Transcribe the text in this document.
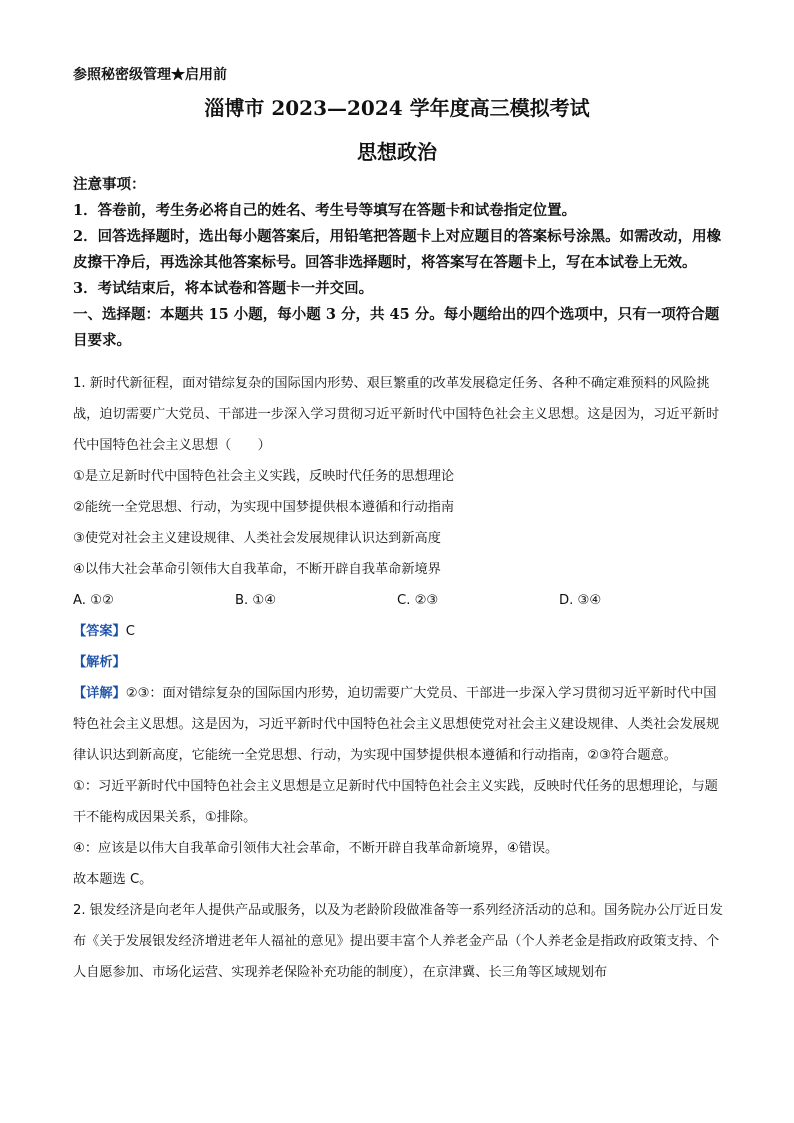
参照秘密级管理★启用前
淄博市 2023—2024 学年度高三模拟考试
思想政治

注意事项：

1．答卷前，考生务必将自己的姓名、考生号等填写在答题卡和试卷指定位置。

2．回答选择题时，选出每小题答案后，用铅笔把答题卡上对应题目的答案标号涂黑。如需改动，用橡皮擦干净后，再选涂其他答案标号。回答非选择题时，将答案写在答题卡上，写在本试卷上无效。

3．考试结束后，将本试卷和答题卡一并交回。

一、选择题：本题共 15 小题，每小题 3 分，共 45 分。每小题给出的四个选项中，只有一项符合题目要求。

1. 新时代新征程，面对错综复杂的国际国内形势、艰巨繁重的改革发展稳定任务、各种不确定难预料的风险挑战，迫切需要广大党员、干部进一步深入学习贯彻习近平新时代中国特色社会主义思想。这是因为，习近平新时代中国特色社会主义思想（　　）

①是立足新时代中国特色社会主义实践，反映时代任务的思想理论

②能统一全党思想、行动，为实现中国梦提供根本遵循和行动指南

③使党对社会主义建设规律、人类社会发展规律认识达到新高度

④以伟大社会革命引领伟大自我革命，不断开辟自我革命新境界

A. ①②	B. ①④	C. ②③	D. ③④

【答案】C

【解析】

【详解】②③：面对错综复杂的国际国内形势，迫切需要广大党员、干部进一步深入学习贯彻习近平新时代中国特色社会主义思想。这是因为，习近平新时代中国特色社会主义思想使党对社会主义建设规律、人类社会发展规律认识达到新高度，它能统一全党思想、行动，为实现中国梦提供根本遵循和行动指南，②③符合题意。

①：习近平新时代中国特色社会主义思想是立足新时代中国特色社会主义实践，反映时代任务的思想理论，与题干不能构成因果关系，①排除。

④：应该是以伟大自我革命引领伟大社会革命，不断开辟自我革命新境界，④错误。

故本题选 C。

2. 银发经济是向老年人提供产品或服务，以及为老龄阶段做准备等一系列经济活动的总和。国务院办公厅近日发布《关于发展银发经济增进老年人福祉的意见》提出要丰富个人养老金产品（个人养老金是指政府政策支持、个人自愿参加、市场化运营、实现养老保险补充功能的制度），在京津冀、长三角等区域规划布
